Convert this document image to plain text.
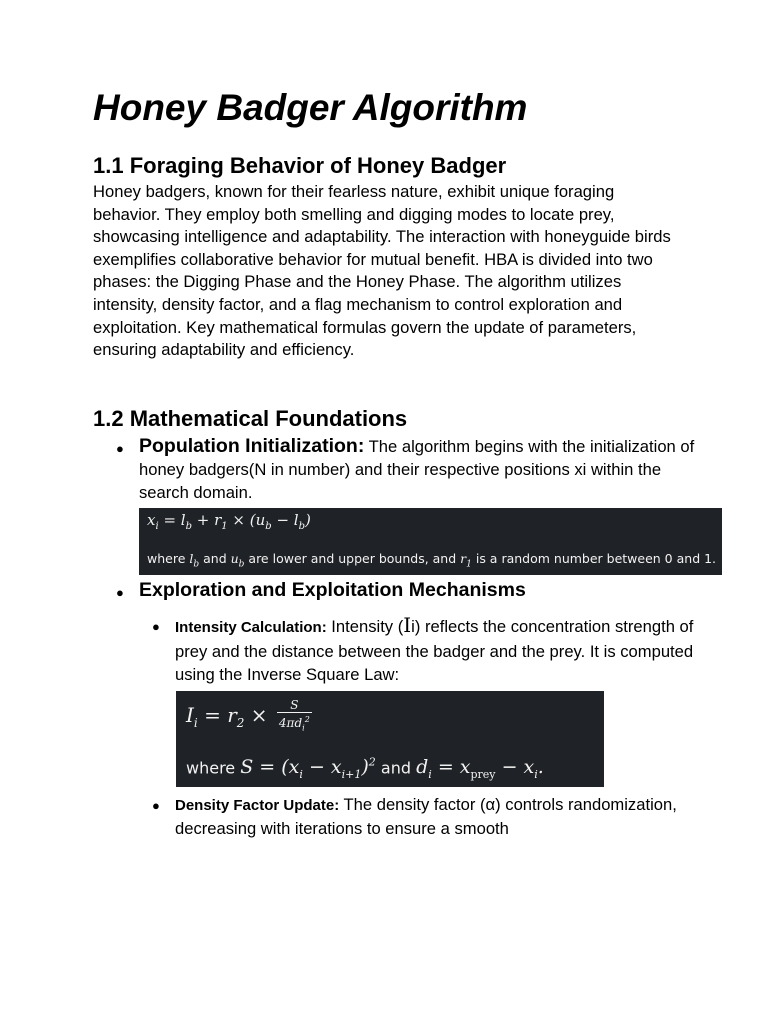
Honey Badger Algorithm
1.1 Foraging Behavior of Honey Badger

Honey badgers, known for their fearless nature, exhibit unique foraging behavior. They employ both smelling and digging modes to locate prey, showcasing intelligence and adaptability. The interaction with honeyguide birds exemplifies collaborative behavior for mutual benefit. HBA is divided into two phases: the Digging Phase and the Honey Phase. The algorithm utilizes intensity, density factor, and a flag mechanism to control exploration and exploitation. Key mathematical formulas govern the update of parameters, ensuring adaptability and efficiency.

1.2 Mathematical Foundations
● Population Initialization: The algorithm begins with the initialization of honey badgers(N in number) and their respective positions xi within the search domain.

$x_i = l_b + r_1 \times (u_b - l_b)$
where $l_b$ and $u_b$ are lower and upper bounds, and $r_1$ is a random number between 0 and 1.
● Exploration and Exploitation Mechanisms

●	Intensity Calculation: Intensity (Ii) reflects the concentration strength of prey and the distance between the badger and the prey. It is computed using the Inverse Square Law:

$I_i = r_2 \times \frac{S}{4\pi d_i^2}$
where $S = (x_i - x_{i+1})^2$ and $d_i = x_{prey} - x_i$.
●	Density Factor Update: The density factor (α) controls randomization, decreasing with iterations to ensure a smooth
